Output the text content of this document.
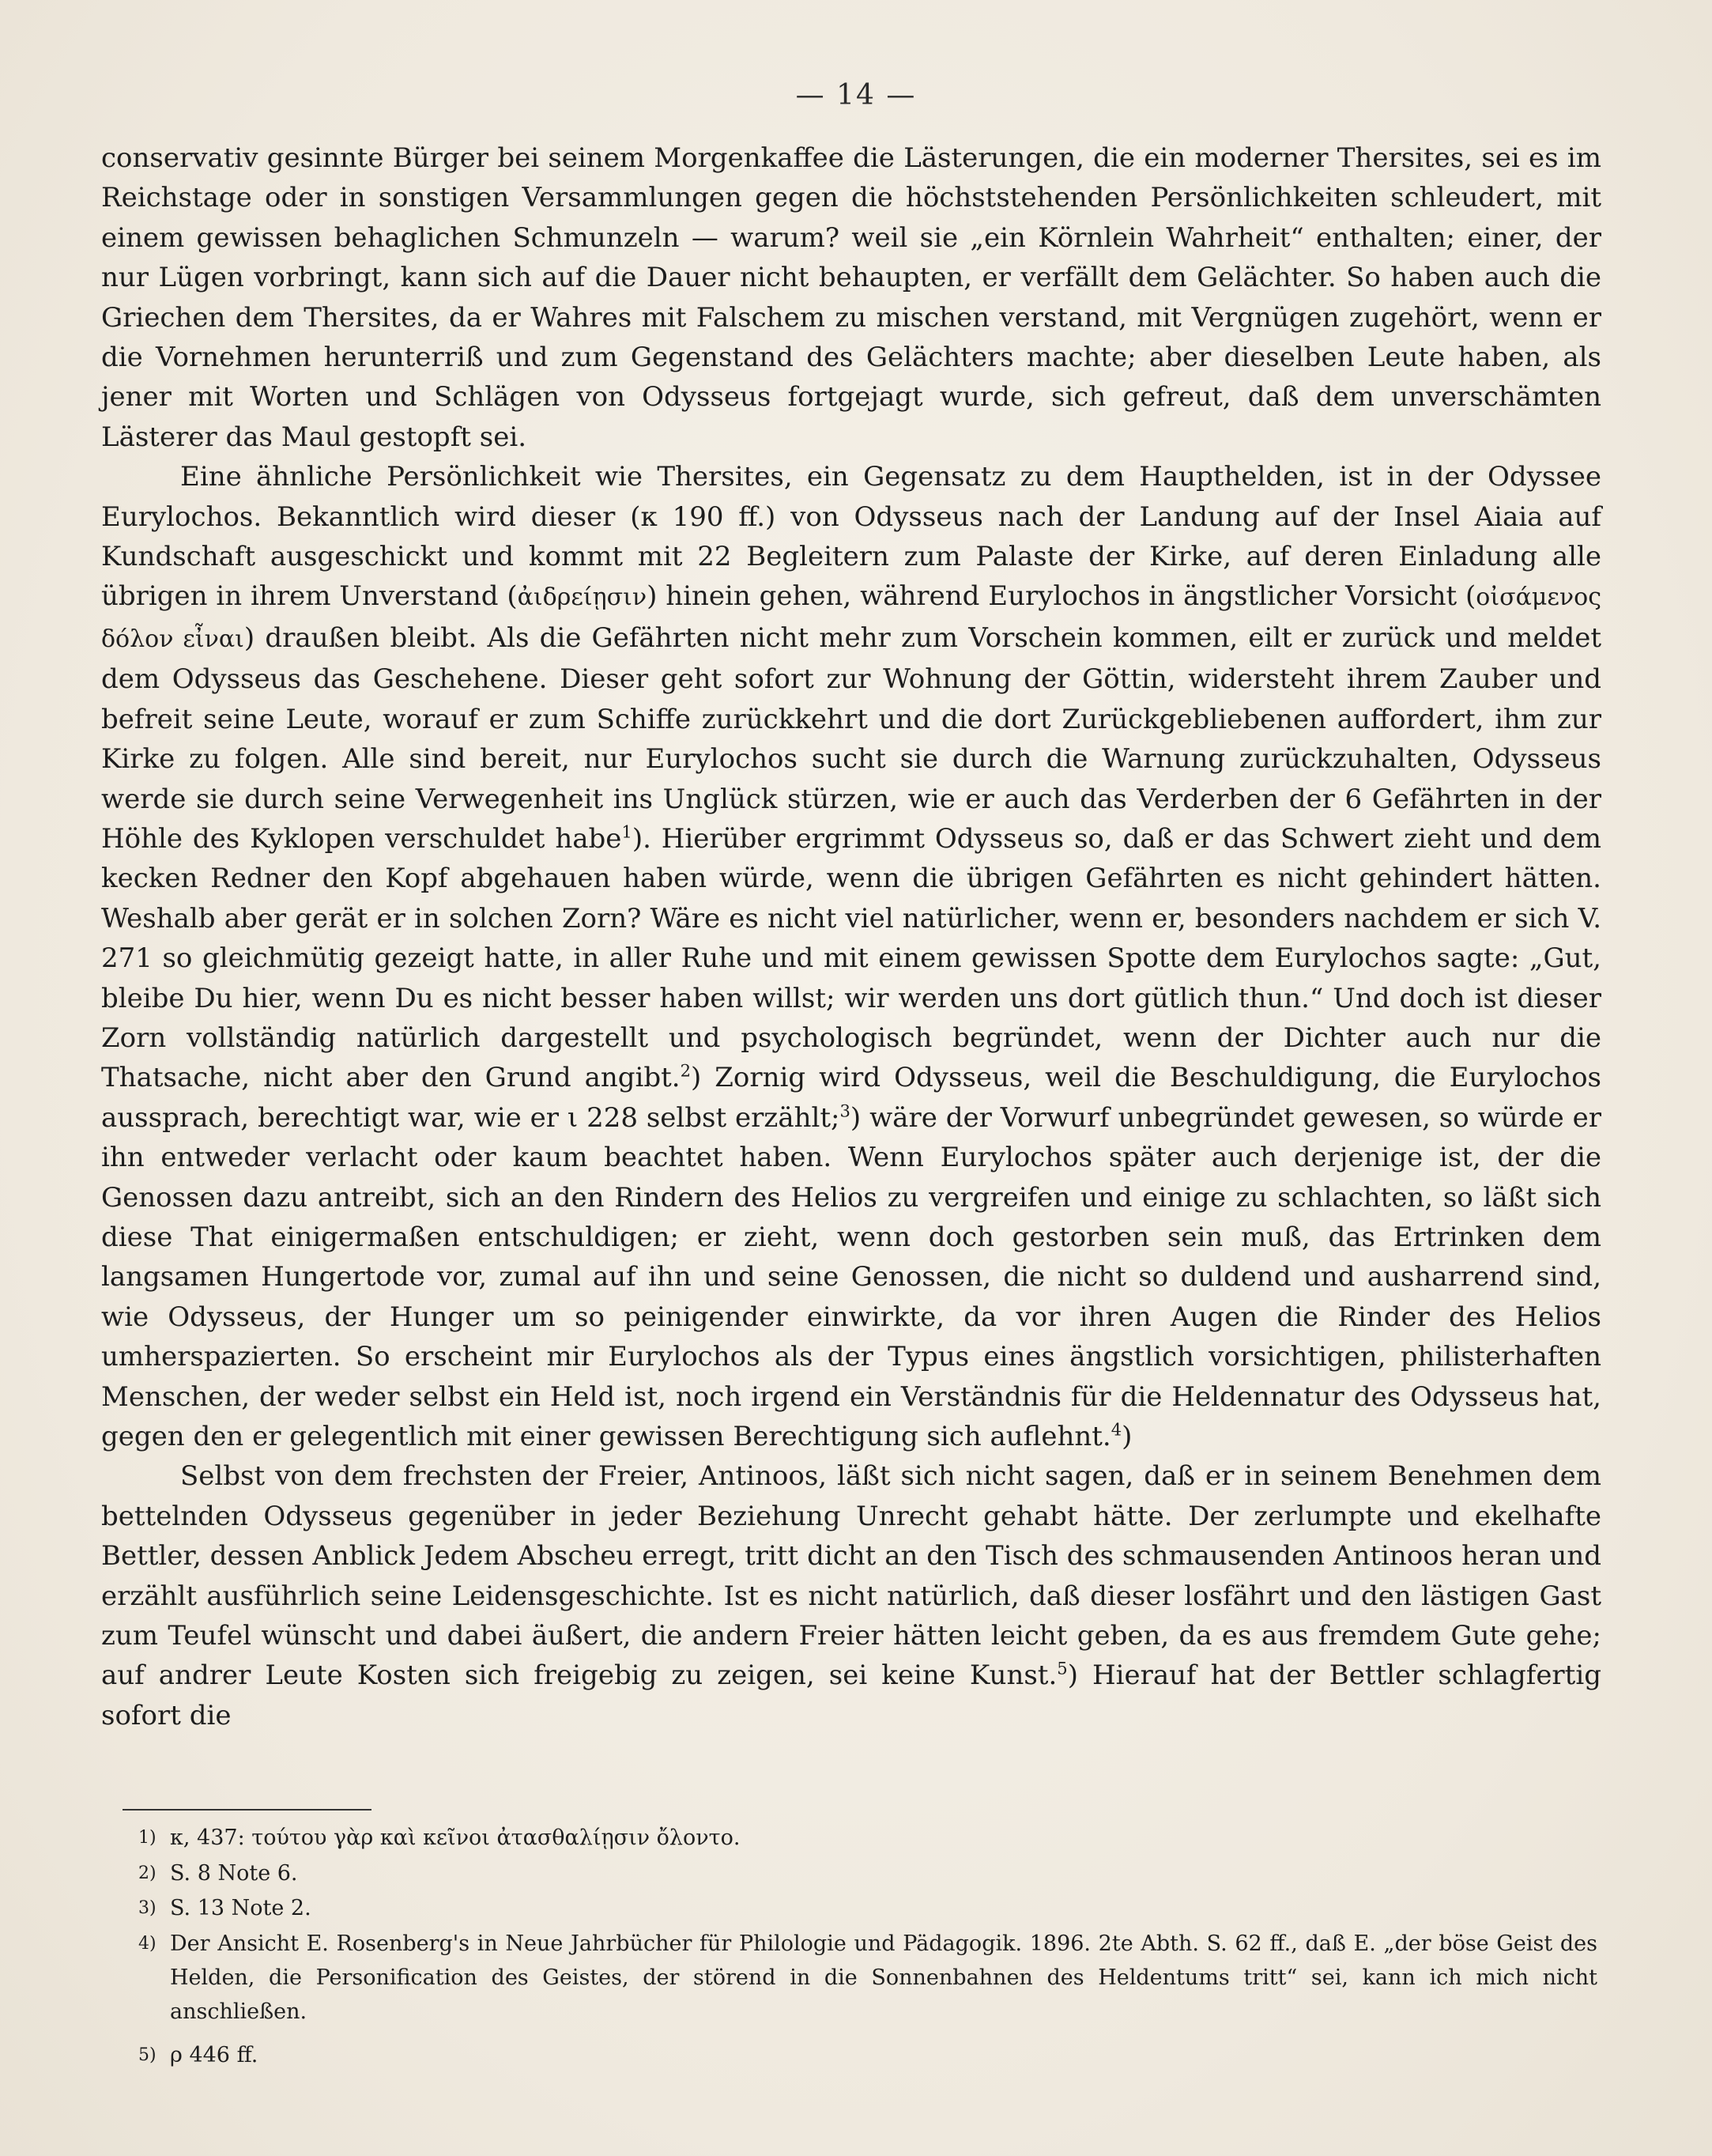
— 14 —

conservativ gesinnte Bürger bei seinem Morgenkaffee die Lästerungen, die ein moderner Thersites, sei es im Reichstage oder in sonstigen Versammlungen gegen die höchststehenden Persönlichkeiten schleudert, mit einem gewissen behaglichen Schmunzeln — warum? weil sie „ein Körnlein Wahrheit“ enthalten; einer, der nur Lügen vorbringt, kann sich auf die Dauer nicht behaupten, er verfällt dem Gelächter. So haben auch die Griechen dem Thersites, da er Wahres mit Falschem zu mischen verstand, mit Vergnügen zugehört, wenn er die Vornehmen herunterriß und zum Gegenstand des Gelächters machte; aber dieselben Leute haben, als jener mit Worten und Schlägen von Odysseus fortgejagt wurde, sich gefreut, daß dem unverschämten Lästerer das Maul gestopft sei.

Eine ähnliche Persönlichkeit wie Thersites, ein Gegensatz zu dem Haupthelden, ist in der Odyssee Eurylochos. Bekanntlich wird dieser (κ 190 ff.) von Odysseus nach der Landung auf der Insel Aiaia auf Kundschaft ausgeschickt und kommt mit 22 Begleitern zum Palaste der Kirke, auf deren Einladung alle übrigen in ihrem Unverstand (ἀιδρείῃσιν) hinein gehen, während Eurylochos in ängstlicher Vorsicht (οἰσάμενος δόλον εἶναι) draußen bleibt. Als die Gefährten nicht mehr zum Vorschein kommen, eilt er zurück und meldet dem Odysseus das Geschehene. Dieser geht sofort zur Wohnung der Göttin, widersteht ihrem Zauber und befreit seine Leute, worauf er zum Schiffe zurückkehrt und die dort Zurückgebliebenen auffordert, ihm zur Kirke zu folgen. Alle sind bereit, nur Eurylochos sucht sie durch die Warnung zurückzuhalten, Odysseus werde sie durch seine Verwegenheit ins Unglück stürzen, wie er auch das Verderben der 6 Gefährten in der Höhle des Kyklopen verschuldet habe$^1$). Hierüber ergrimmt Odysseus so, daß er das Schwert zieht und dem kecken Redner den Kopf abgehauen haben würde, wenn die übrigen Gefährten es nicht gehindert hätten. Weshalb aber gerät er in solchen Zorn? Wäre es nicht viel natürlicher, wenn er, besonders nachdem er sich V. 271 so gleichmütig gezeigt hatte, in aller Ruhe und mit einem gewissen Spotte dem Eurylochos sagte: „Gut, bleibe Du hier, wenn Du es nicht besser haben willst; wir werden uns dort gütlich thun.“ Und doch ist dieser Zorn vollständig natürlich dargestellt und psychologisch begründet, wenn der Dichter auch nur die Thatsache, nicht aber den Grund angibt.$^2$) Zornig wird Odysseus, weil die Beschuldigung, die Eurylochos aussprach, berechtigt war, wie er ι 228 selbst erzählt;$^3$) wäre der Vorwurf unbegründet gewesen, so würde er ihn entweder verlacht oder kaum beachtet haben. Wenn Eurylochos später auch derjenige ist, der die Genossen dazu antreibt, sich an den Rindern des Helios zu vergreifen und einige zu schlachten, so läßt sich diese That einigermaßen entschuldigen; er zieht, wenn doch gestorben sein muß, das Ertrinken dem langsamen Hungertode vor, zumal auf ihn und seine Genossen, die nicht so duldend und ausharrend sind, wie Odysseus, der Hunger um so peinigender einwirkte, da vor ihren Augen die Rinder des Helios umherspazierten. So erscheint mir Eurylochos als der Typus eines ängstlich vorsichtigen, philisterhaften Menschen, der weder selbst ein Held ist, noch irgend ein Verständnis für die Heldennatur des Odysseus hat, gegen den er gelegentlich mit einer gewissen Berechtigung sich auflehnt.$^4$)

Selbst von dem frechsten der Freier, Antinoos, läßt sich nicht sagen, daß er in seinem Benehmen dem bettelnden Odysseus gegenüber in jeder Beziehung Unrecht gehabt hätte. Der zerlumpte und ekelhafte Bettler, dessen Anblick Jedem Abscheu erregt, tritt dicht an den Tisch des schmausenden Antinoos heran und erzählt ausführlich seine Leidensgeschichte. Ist es nicht natürlich, daß dieser losfährt und den lästigen Gast zum Teufel wünscht und dabei äußert, die andern Freier hätten leicht geben, da es aus fremdem Gute gehe; auf andrer Leute Kosten sich freigebig zu zeigen, sei keine Kunst.$^5$) Hierauf hat der Bettler schlagfertig sofort die

1) κ, 437: τούτου γὰρ καὶ κεῖνοι ἀτασθαλίῃσιν ὄλοντο.
2) S. 8 Note 6.
3) S. 13 Note 2.
4) Der Ansicht E. Rosenberg's in Neue Jahrbücher für Philologie und Pädagogik. 1896. 2te Abth. S. 62 ff., daß E. „der böse Geist des Helden, die Personification des Geistes, der störend in die Sonnenbahnen des Heldentums tritt“ sei, kann ich mich nicht anschließen.
5) ρ 446 ff.
